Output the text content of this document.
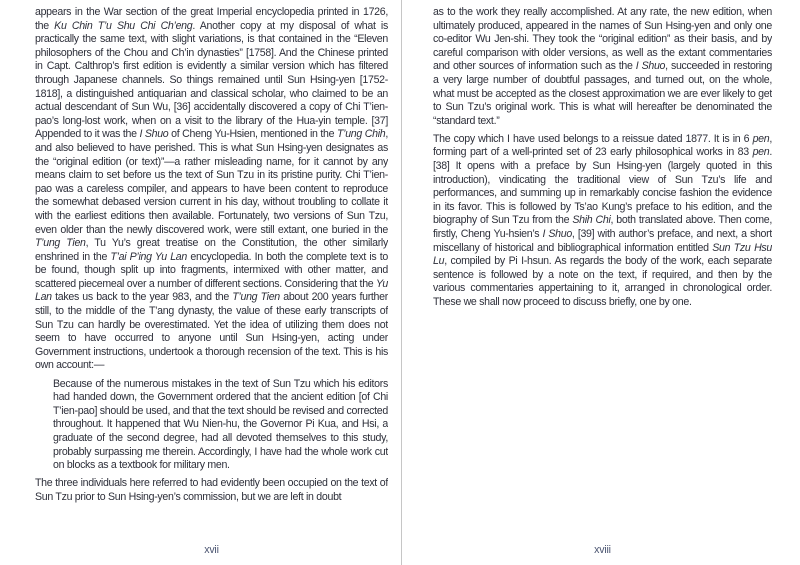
appears in the War section of the great Imperial encyclopedia printed in 1726, the Ku Chin T’u Shu Chi Ch’eng. Another copy at my disposal of what is practically the same text, with slight variations, is that contained in the “Eleven philosophers of the Chou and Ch’in dynasties” [1758]. And the Chinese printed in Capt. Calthrop’s first edition is evidently a similar version which has filtered through Japanese channels. So things remained until Sun Hsing-yen [1752-1818], a distinguished antiquarian and classical scholar, who claimed to be an actual descendant of Sun Wu, [36] accidentally discovered a copy of Chi T’ien-pao’s long-lost work, when on a visit to the library of the Hua-yin temple. [37] Appended to it was the I Shuo of Cheng Yu-Hsien, mentioned in the T’ung Chih, and also believed to have perished. This is what Sun Hsing-yen designates as the “original edition (or text)”—a rather misleading name, for it cannot by any means claim to set before us the text of Sun Tzu in its pristine purity. Chi T’ien-pao was a careless compiler, and appears to have been content to reproduce the somewhat debased version current in his day, without troubling to collate it with the earliest editions then available. Fortunately, two versions of Sun Tzu, even older than the newly discovered work, were still extant, one buried in the T’ung Tien, Tu Yu’s great treatise on the Constitution, the other similarly enshrined in the T’ai P’ing Yu Lan encyclopedia. In both the complete text is to be found, though split up into fragments, intermixed with other matter, and scattered piecemeal over a number of different sections. Considering that the Yu Lan takes us back to the year 983, and the T’ung Tien about 200 years further still, to the middle of the T’ang dynasty, the value of these early transcripts of Sun Tzu can hardly be overestimated. Yet the idea of utilizing them does not seem to have occurred to anyone until Sun Hsing-yen, acting under Government instructions, undertook a thorough recension of the text. This is his own account:—

Because of the numerous mistakes in the text of Sun Tzu which his editors had handed down, the Government ordered that the ancient edition [of Chi T’ien-pao] should be used, and that the text should be revised and corrected throughout. It happened that Wu Nien-hu, the Governor Pi Kua, and Hsi, a graduate of the second degree, had all devoted themselves to this study, probably surpassing me therein. Accordingly, I have had the whole work cut on blocks as a textbook for military men.

The three individuals here referred to had evidently been occupied on the text of Sun Tzu prior to Sun Hsing-yen’s commission, but we are left in doubt

xvii

as to the work they really accomplished. At any rate, the new edition, when ultimately produced, appeared in the names of Sun Hsing-yen and only one co-editor Wu Jen-shi. They took the “original edition” as their basis, and by careful comparison with older versions, as well as the extant commentaries and other sources of information such as the I Shuo, succeeded in restoring a very large number of doubtful passages, and turned out, on the whole, what must be accepted as the closest approximation we are ever likely to get to Sun Tzu’s original work. This is what will hereafter be denominated the “standard text.”

The copy which I have used belongs to a reissue dated 1877. It is in 6 pen, forming part of a well-printed set of 23 early philosophical works in 83 pen. [38] It opens with a preface by Sun Hsing-yen (largely quoted in this introduction), vindicating the traditional view of Sun Tzu’s life and performances, and summing up in remarkably concise fashion the evidence in its favor. This is followed by Ts’ao Kung’s preface to his edition, and the biography of Sun Tzu from the Shih Chi, both translated above. Then come, firstly, Cheng Yu-hsien’s I Shuo, [39] with author’s preface, and next, a short miscellany of historical and bibliographical information entitled Sun Tzu Hsu Lu, compiled by Pi I-hsun. As regards the body of the work, each separate sentence is followed by a note on the text, if required, and then by the various commentaries appertaining to it, arranged in chronological order. These we shall now proceed to discuss briefly, one by one.

xviii
